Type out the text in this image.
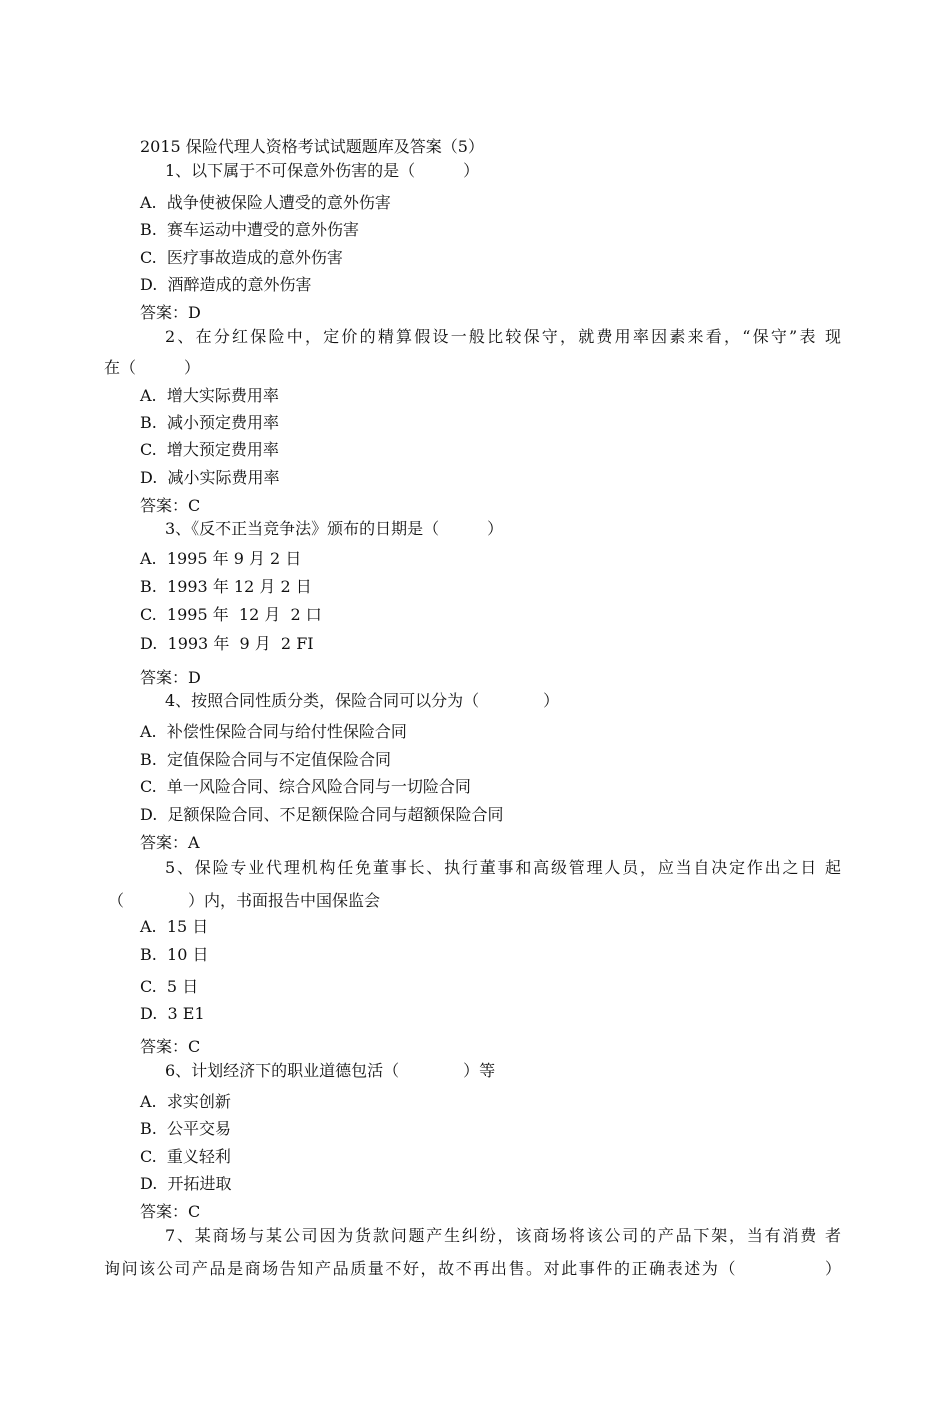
2015 保险代理人资格考试试题题库及答案（5）
1、以下属于不可保意外伤害的是（　　　）
A.  战争使被保险人遭受的意外伤害
B.  赛车运动中遭受的意外伤害
C.  医疗事故造成的意外伤害
D.  酒醉造成的意外伤害
答案：D
2、在分红保险中，定价的精算假设一般比较保守，就费用率因素来看，“保守”表 现
在（　　　）
A.  增大实际费用率
B.  减小预定费用率
C.  增大预定费用率
D.  减小实际费用率
答案：C
3、《反不正当竞争法》颁布的日期是（　　　）
A.  1995 年 9 月 2 日
B.  1993 年 12 月 2 日
C.  1995 年  12 月  2 口
D.  1993 年  9 月  2 FI
答案：D
4、按照合同性质分类，保险合同可以分为（　　　　）
A.  补偿性保险合同与给付性保险合同
B.  定值保险合同与不定值保险合同
C.  单一风险合同、综合风险合同与一切险合同
D.  足额保险合同、不足额保险合同与超额保险合同
答案：A
5、保险专业代理机构任免董事长、执行董事和高级管理人员，应当自决定作出之日 起
（　　　　）内，书面报告中国保监会
A.  15 日
B.  10 日
C.  5 日
D.  3 E1
答案：C
6、计划经济下的职业道德包活（　　　　）等
A.  求实创新
B.  公平交易
C.  重义轻利
D.  开拓进取
答案：C
7、某商场与某公司因为货款问题产生纠纷，该商场将该公司的产品下架，当有消费 者
询问该公司产品是商场告知产品质量不好，故不再出售。对此事件的正确表述为（　　　　　）
